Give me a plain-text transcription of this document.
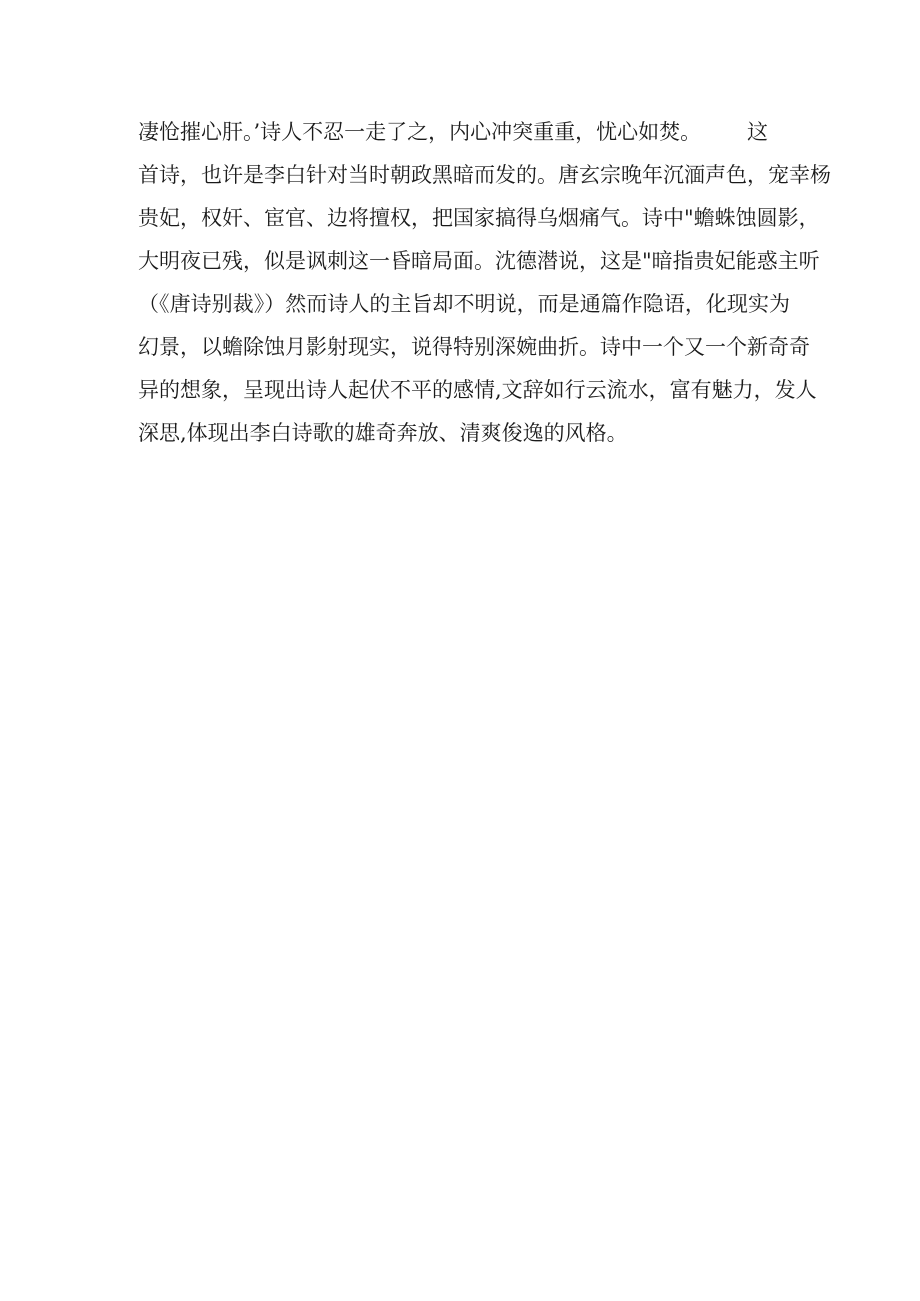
凄怆摧心肝。’诗人不忍一走了之，内心冲突重重，忧心如焚。 这
首诗，也许是李白针对当时朝政黑暗而发的。唐玄宗晚年沉湎声色，宠幸杨
贵妃，权奸、宦官、边将擅权，把国家搞得乌烟痛气。诗中"蟾蛛蚀圆影，
大明夜已残，似是讽刺这一昏暗局面。沈德潜说，这是"暗指贵妃能惑主听
（《唐诗别裁》）然而诗人的主旨却不明说，而是通篇作隐语，化现实为
幻景，以蟾除蚀月影射现实，说得特别深婉曲折。诗中一个又一个新奇奇
异的想象，呈现出诗人起伏不平的感情,文辞如行云流水，富有魅力，发人
深思,体现出李白诗歌的雄奇奔放、清爽俊逸的风格。
